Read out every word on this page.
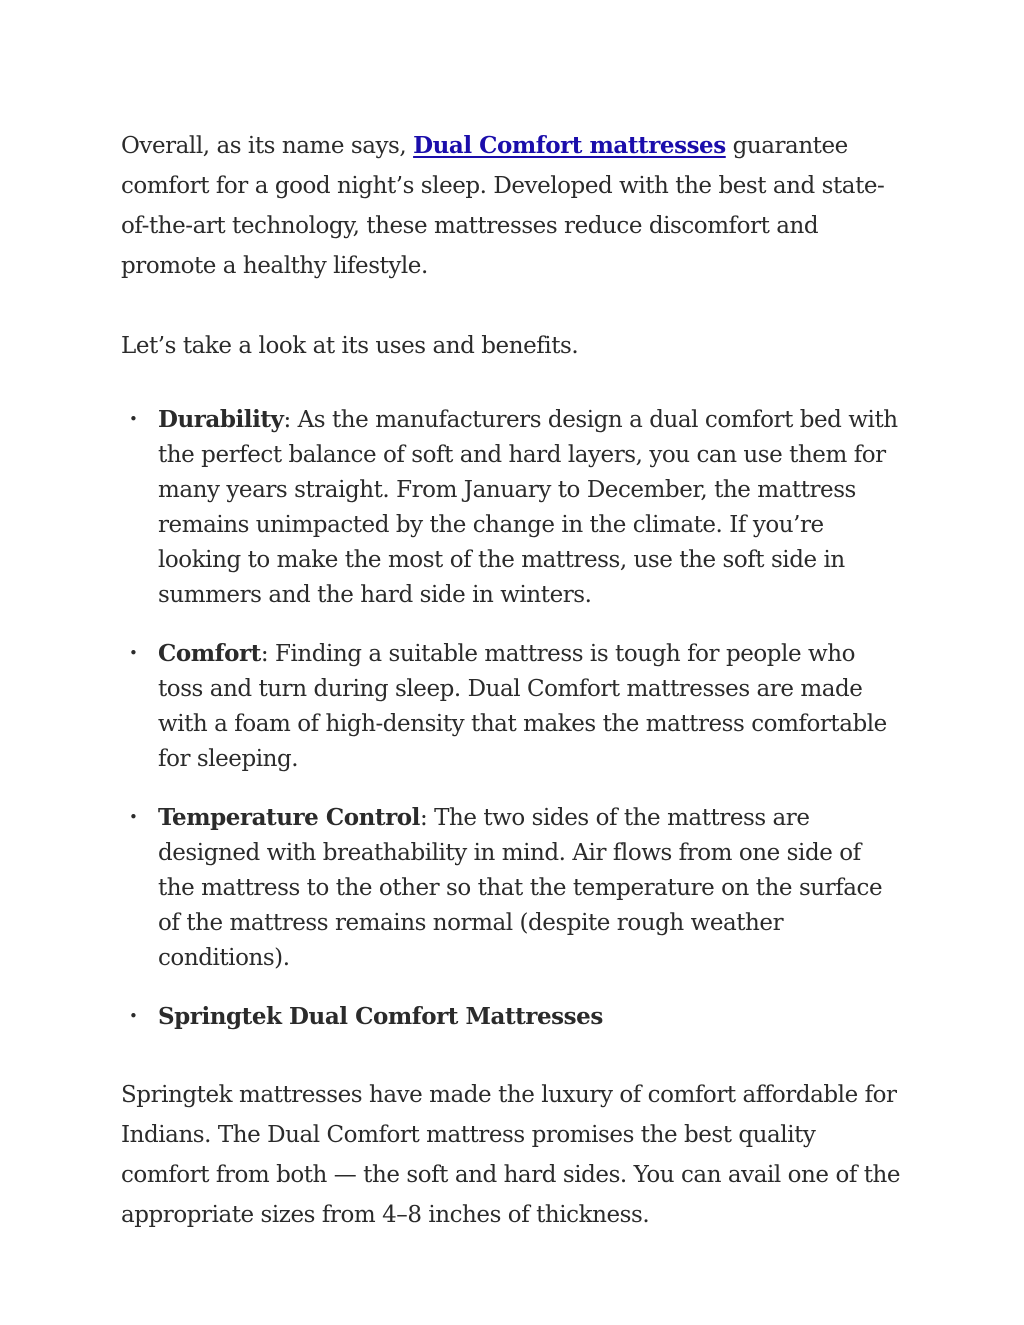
Overall, as its name says, Dual Comfort mattresses guarantee comfort for a good night’s sleep. Developed with the best and state-of-the-art technology, these mattresses reduce discomfort and promote a healthy lifestyle.

Let’s take a look at its uses and benefits.

• Durability: As the manufacturers design a dual comfort bed with the perfect balance of soft and hard layers, you can use them for many years straight. From January to December, the mattress remains unimpacted by the change in the climate. If you’re looking to make the most of the mattress, use the soft side in summers and the hard side in winters.
• Comfort: Finding a suitable mattress is tough for people who toss and turn during sleep. Dual Comfort mattresses are made with a foam of high-density that makes the mattress comfortable for sleeping.
• Temperature Control: The two sides of the mattress are designed with breathability in mind. Air flows from one side of the mattress to the other so that the temperature on the surface of the mattress remains normal (despite rough weather conditions).
• Springtek Dual Comfort Mattresses

Springtek mattresses have made the luxury of comfort affordable for Indians. The Dual Comfort mattress promises the best quality comfort from both — the soft and hard sides. You can avail one of the appropriate sizes from 4–8 inches of thickness.
